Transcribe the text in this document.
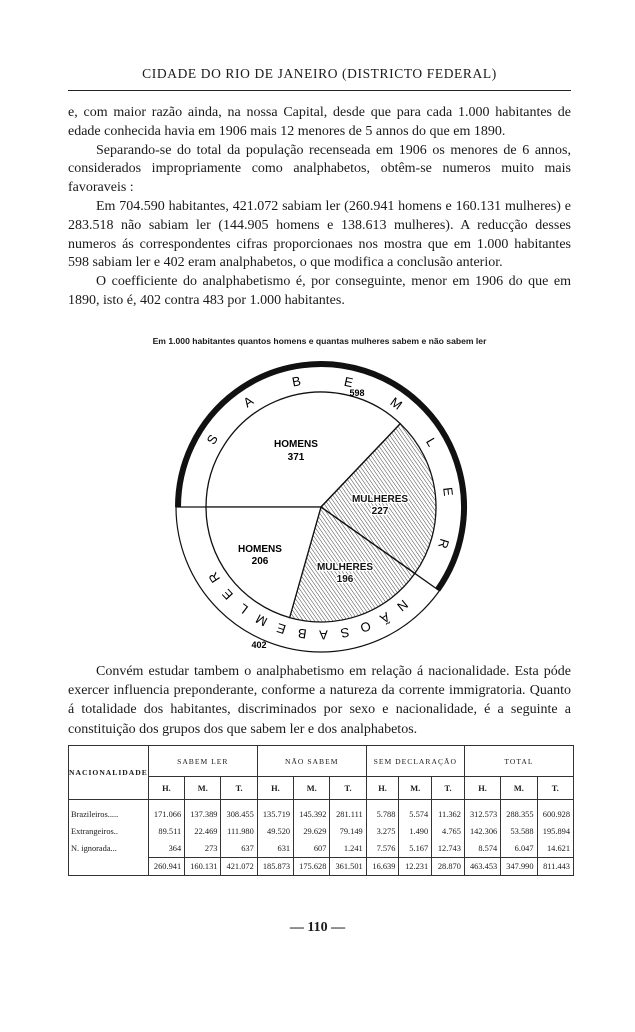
CIDADE DO RIO DE JANEIRO (DISTRICTO FEDERAL)

e, com maior razão ainda, na nossa Capital, desde que para cada 1.000 habitantes de edade conhecida havia em 1906 mais 12 menores de 5 annos do que em 1890.

Separando-se do total da população recenseada em 1906 os menores de 6 annos, considerados impropriamente como analphabetos, obtêm-se numeros muito mais favoraveis :

Em 704.590 habitantes, 421.072 sabiam ler (260.941 homens e 160.131 mulheres) e 283.518 não sabiam ler (144.905 homens e 138.613 mulheres). A reducção desses numeros ás correspondentes cifras proporcionaes nos mostra que em 1.000 habitantes 598 sabiam ler e 402 eram analphabetos, o que modifica a conclusão anterior.

O coefficiente do analphabetismo é, por conseguinte, menor em 1906 do que em 1890, isto é, 402 contra 483 por 1.000 habitantes.

Em 1.000 habitantes quantos homens e quantas mulheres sabem e não sabem ler
S
A
B	E
M
L
E
R
N
Ã
O
S
A
B
E
M
L
E
R
HOMENS
371
MULHERES
227
HOMENS
206
MULHERES
196
598
402

Convém estudar tambem o analphabetismo em relação á nacionalidade. Esta póde exercer influencia preponderante, conforme a natureza da corrente immigratoria. Quanto á totalidade dos habitantes, discriminados por sexo e nacionalidade, é a seguinte a constituição dos grupos dos que sabem ler e dos analphabetos.

NACIONALIDADE	SABEM LER			NÃO SABEM			SEM DECLARAÇÃO			TOTAL		
	H.	M.	T.	H.	M.	T.	H.	M.	T.	H.	M.	T.
Brazileiros.....	171.066	137.389	308.455	135.719	145.392	281.111	5.788	5.574	11.362	312.573	288.355	600.928
Extrangeiros..	89.511	22.469	111.980	49.520	29.629	79.149	3.275	1.490	4.765	142.306	53.588	195.894
N. ignorada...	364	273	637	631	607	1.241	7.576	5.167	12.743	8.574	6.047	14.621
	260.941	160.131	421.072	185.873	175.628	361.501	16.639	12.231	28.870	463.453	347.990	811.443
— 110 —
